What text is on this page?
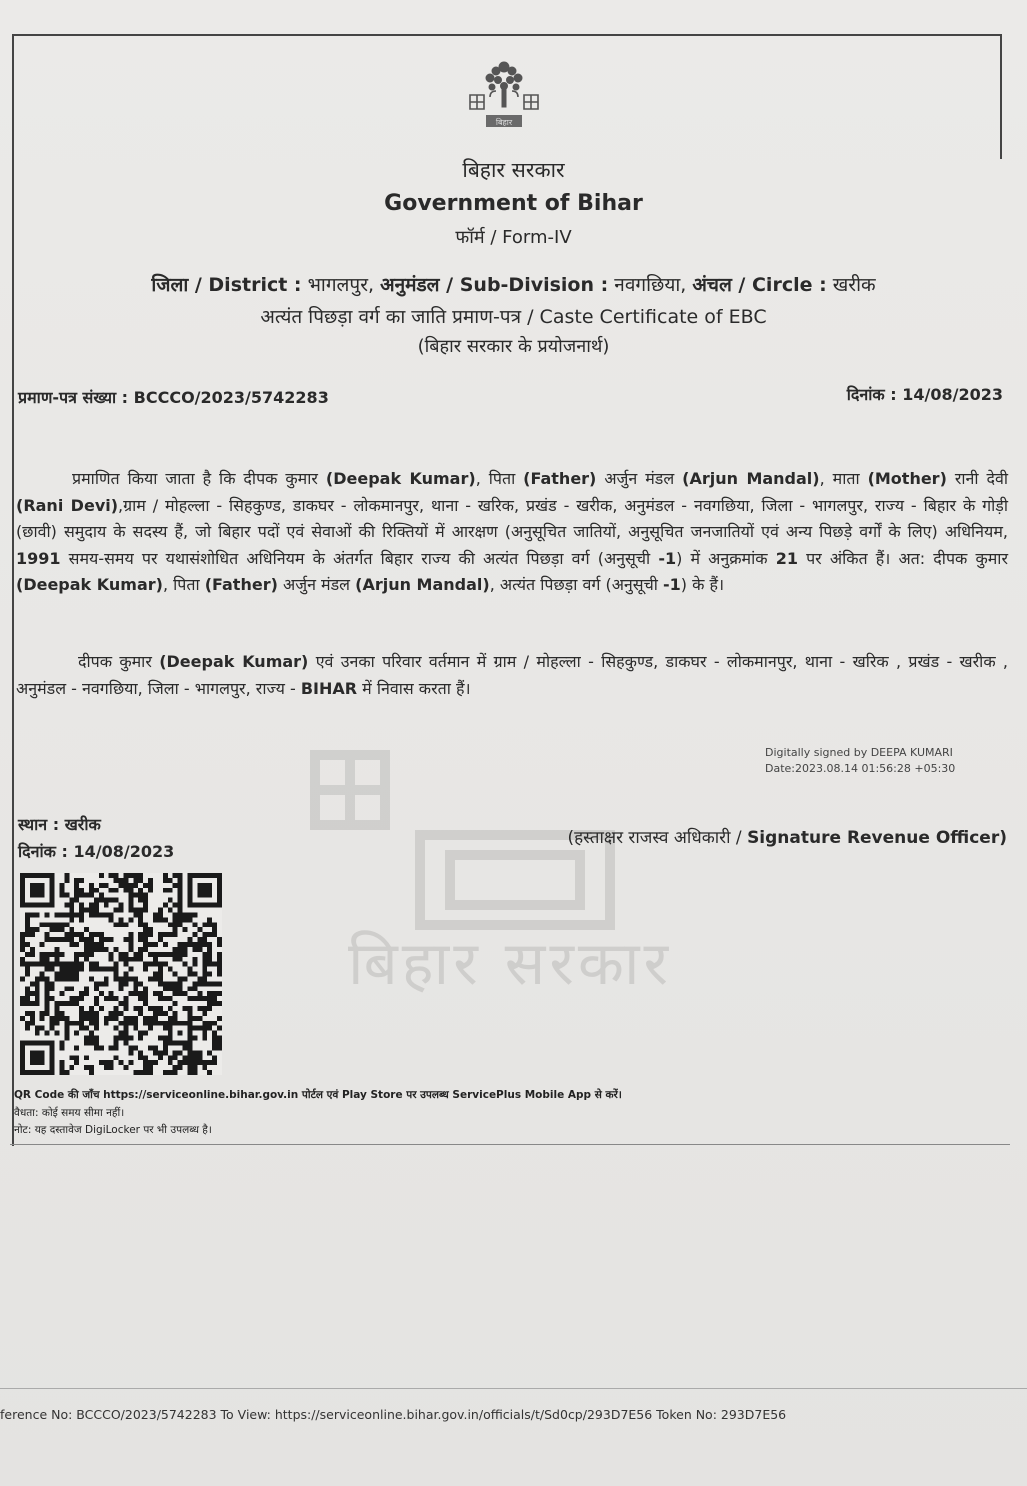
बिहार
बिहार सरकार
Government of Bihar
फॉर्म / Form-IV
जिला / District : भागलपुर, अनुमंडल / Sub-Division : नवगछिया, अंचल / Circle : खरीक
अत्यंत पिछड़ा वर्ग का जाति प्रमाण-पत्र / Caste Certificate of EBC
(बिहार सरकार के प्रयोजनार्थ)
प्रमाण-पत्र संख्या : BCCCO/2023/5742283	दिनांक : 14/08/2023
प्रमाणित किया जाता है कि दीपक कुमार (Deepak Kumar), पिता (Father) अर्जुन मंडल (Arjun Mandal), माता (Mother) रानी देवी (Rani Devi),ग्राम / मोहल्ला - सिहकुण्ड, डाकघर - लोकमानपुर, थाना - खरिक, प्रखंड - खरीक, अनुमंडल - नवगछिया, जिला - भागलपुर, राज्य - बिहार के गोड़ी (छावी) समुदाय के सदस्य हैं, जो बिहार पदों एवं सेवाओं की रिक्तियों में आरक्षण (अनुसूचित जातियों, अनुसूचित जनजातियों एवं अन्य पिछड़े वर्गों के लिए) अधिनियम, 1991 समय-समय पर यथासंशोधित अधिनियम के अंतर्गत बिहार राज्य की अत्यंत पिछड़ा वर्ग (अनुसूची -1) में अनुक्रमांक 21 पर अंकित हैं। अत: दीपक कुमार (Deepak Kumar), पिता (Father) अर्जुन मंडल (Arjun Mandal), अत्यंत पिछड़ा वर्ग (अनुसूची -1) के हैं।
दीपक कुमार (Deepak Kumar) एवं उनका परिवार वर्तमान में ग्राम / मोहल्ला - सिहकुण्ड, डाकघर - लोकमानपुर, थाना - खरिक , प्रखंड - खरीक , अनुमंडल - नवगछिया, जिला - भागलपुर, राज्य - BIHAR में निवास करता हैं।
बिहार सरकार
Digitally signed by DEEPA KUMARI
Date:2023.08.14 01:56:28 +05:30
स्थान : खरीक
दिनांक : 14/08/2023
(हस्ताक्षर राजस्व अधिकारी / Signature Revenue Officer)
QR Code की जाँच https://serviceonline.bihar.gov.in पोर्टल एवं Play Store पर उपलब्ध ServicePlus Mobile App से करें।
वैधता: कोई समय सीमा नहीं।
नोट: यह दस्तावेज DigiLocker पर भी उपलब्ध है।
ference No: BCCCO/2023/5742283 To View: https://serviceonline.bihar.gov.in/officials/t/Sd0cp/293D7E56 Token No: 293D7E56
